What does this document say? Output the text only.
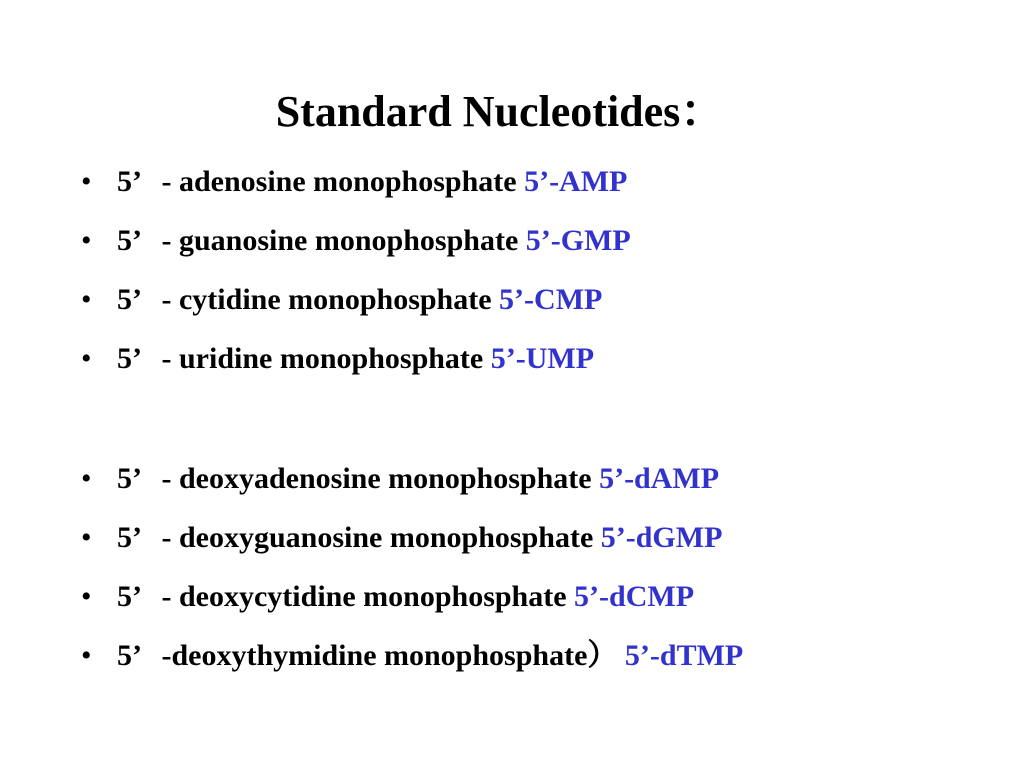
Standard Nucleotides：
• 5’ - adenosine monophosphate 5’-AMP
• 5’ - guanosine monophosphate 5’-GMP
• 5’ - cytidine monophosphate 5’-CMP
• 5’ - uridine monophosphate 5’-UMP
• 5’ - deoxyadenosine monophosphate 5’-dAMP
• 5’ - deoxyguanosine monophosphate 5’-dGMP
• 5’ - deoxycytidine monophosphate 5’-dCMP
• 5’ -deoxythymidine monophosphate） 5’-dTMP
